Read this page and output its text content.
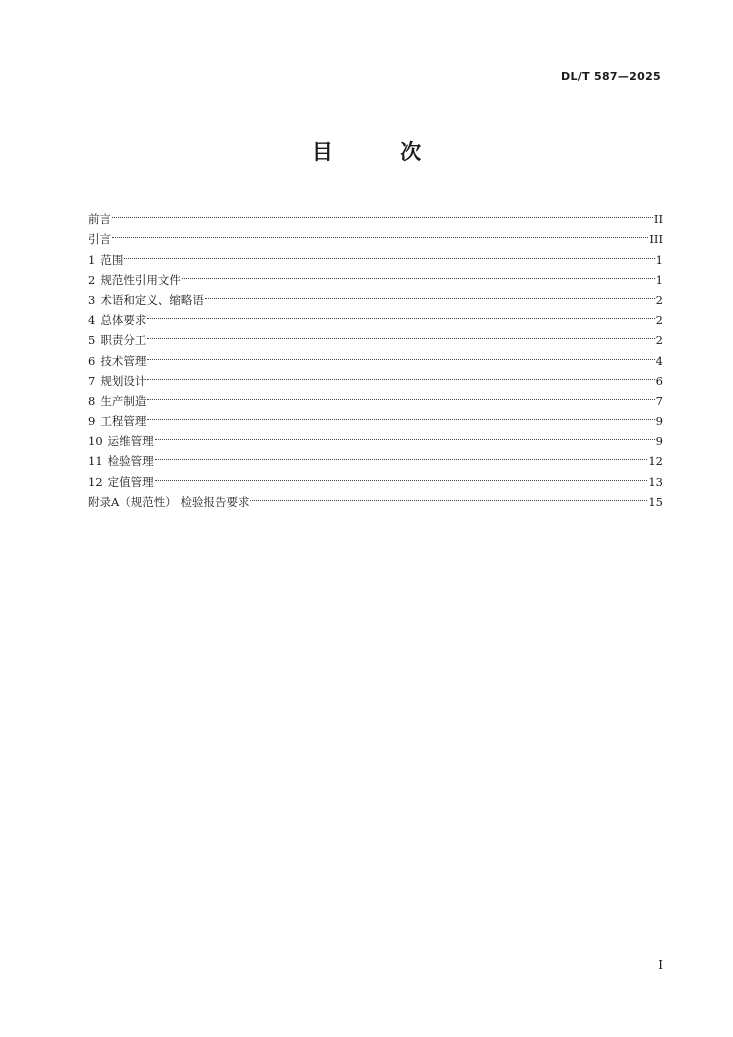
DL/T 587—2025
目 次
前言	II
引言	III
1 范围	1
2 规范性引用文件	1
3 术语和定义、缩略语	2
4 总体要求	2
5 职责分工	2
6 技术管理	4
7 规划设计	6
8 生产制造	7
9 工程管理	9
10 运维管理	9
11 检验管理	12
12 定值管理	13
附录A（规范性） 检验报告要求	15
I
